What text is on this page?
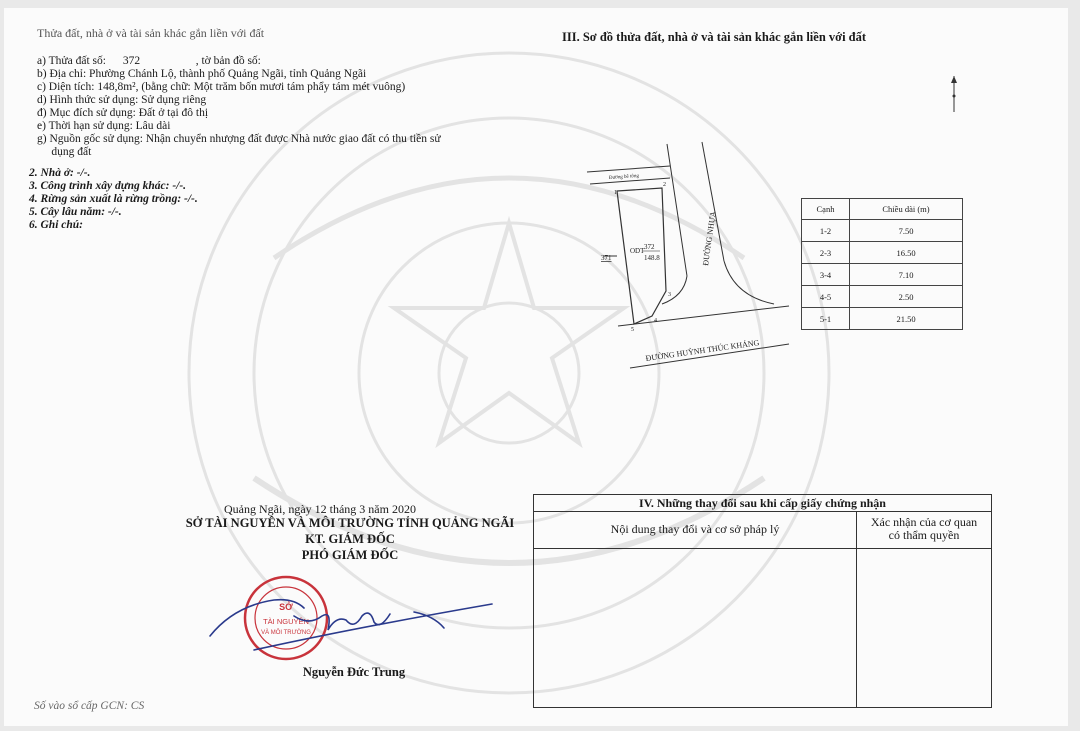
Thửa đất, nhà ở và tài sản khác gắn liền với đất
a) Thửa đất số: 372	, tờ bản đồ số:
b) Địa chỉ: Phường Chánh Lộ, thành phố Quảng Ngãi, tỉnh Quảng Ngãi
c) Diện tích: 148,8m², (bằng chữ: Một trăm bốn mươi tám phẩy tám mét vuông)
d) Hình thức sử dụng: Sử dụng riêng
đ) Mục đích sử dụng: Đất ở tại đô thị
e) Thời hạn sử dụng: Lâu dài
g) Nguồn gốc sử dụng: Nhận chuyển nhượng đất được Nhà nước giao đất có thu tiền sử
dụng đất
2. Nhà ở: -/-.
3. Công trình xây dựng khác: -/-.
4. Rừng sản xuất là rừng trồng: -/-.
5. Cây lâu năm: -/-.
6. Ghi chú:
III. Sơ đồ thửa đất, nhà ở và tài sản khác gắn liền với đất
1
2
3
4
5
Đường bê tông
371
ODT 372
148.8	ĐƯỜNG NHỰA
ĐƯỜNG HUỲNH THÚC KHÁNG
Cạnh	Chiều dài (m)
1-2	7.50
2-3	16.50
3-4	7.10
4-5	2.50
5-1	21.50
Quảng Ngãi, ngày 12 tháng 3 năm 2020
SỞ TÀI NGUYÊN VÀ MÔI TRƯỜNG TỈNH QUẢNG NGÃI
KT. GIÁM ĐỐC
PHÓ GIÁM ĐỐC
SỞ
TÀI NGUYÊN
VÀ MÔI TRƯỜNG
Nguyễn Đức Trung
IV. Những thay đổi sau khi cấp giấy chứng nhận
Nội dung thay đổi và cơ sở pháp lý	Xác nhận của cơ quan
có thẩm quyền
Số vào sổ cấp GCN: CS
